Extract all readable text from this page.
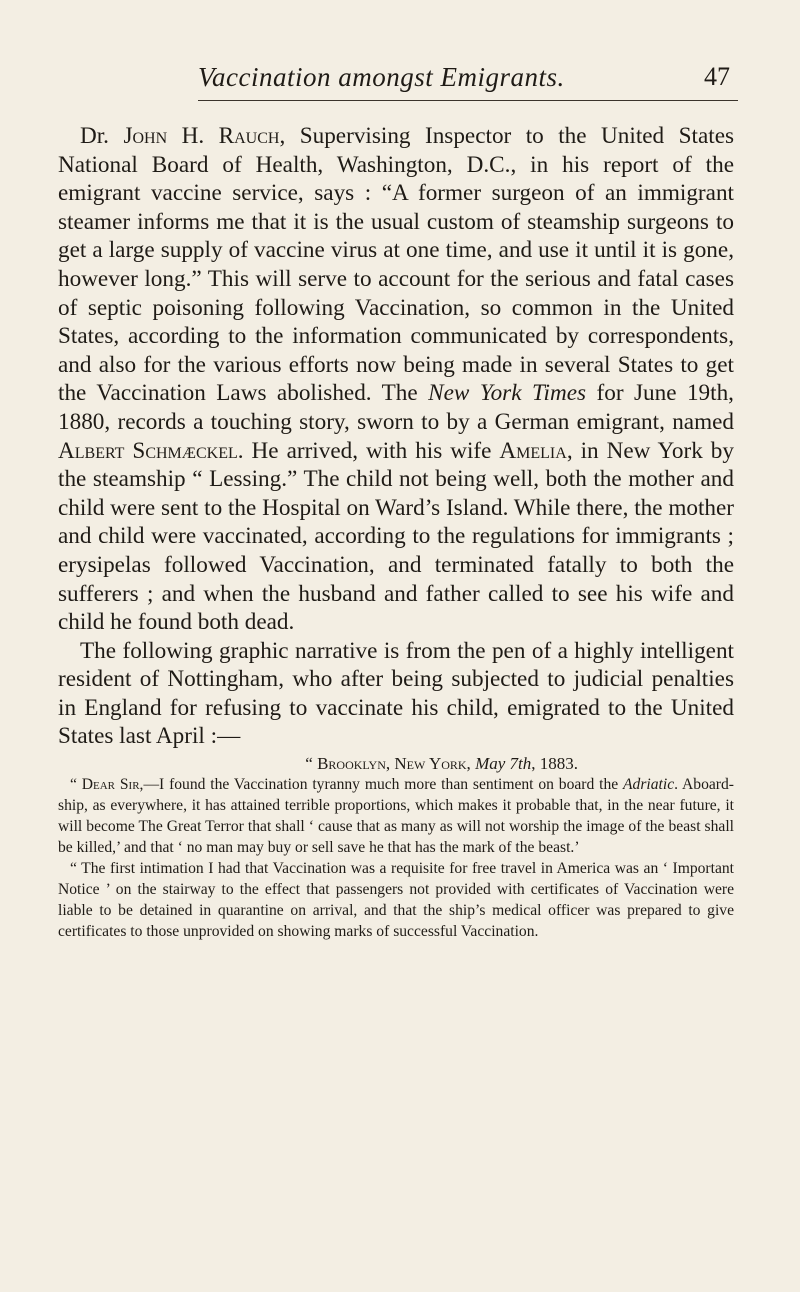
Vaccination amongst Emigrants.	47

Dr. John H. Rauch, Supervising Inspector to the United States National Board of Health, Washington, D.C., in his report of the emigrant vaccine service, says : “A former surgeon of an immigrant steamer informs me that it is the usual custom of steamship surgeons to get a large supply of vaccine virus at one time, and use it until it is gone, however long.” This will serve to account for the serious and fatal cases of septic poisoning following Vaccination, so common in the United States, according to the information communicated by correspondents, and also for the various efforts now being made in several States to get the Vaccination Laws abolished. The New York Times for June 19th, 1880, records a touching story, sworn to by a German emigrant, named Albert Schmæckel. He arrived, with his wife Amelia, in New York by the steamship “ Lessing.” The child not being well, both the mother and child were sent to the Hospital on Ward’s Island. While there, the mother and child were vaccinated, according to the regulations for immigrants ; erysipelas followed Vaccination, and terminated fatally to both the sufferers ; and when the husband and father called to see his wife and child he found both dead.

The following graphic narrative is from the pen of a highly intelligent resident of Nottingham, who after being subjected to judicial penalties in England for refusing to vaccinate his child, emigrated to the United States last April :—

“ Brooklyn, New York, May 7th, 1883.

“ Dear Sir,—I found the Vaccination tyranny much more than sentiment on board the Adriatic. Aboard-ship, as everywhere, it has attained terrible proportions, which makes it probable that, in the near future, it will become The Great Terror that shall ‘ cause that as many as will not worship the image of the beast shall be killed,’ and that ‘ no man may buy or sell save he that has the mark of the beast.’

“ The first intimation I had that Vaccination was a requisite for free travel in America was an ‘ Important Notice ’ on the stairway to the effect that passengers not provided with certificates of Vaccination were liable to be detained in quarantine on arrival, and that the ship’s medical officer was prepared to give certificates to those unprovided on showing marks of successful Vaccination.
